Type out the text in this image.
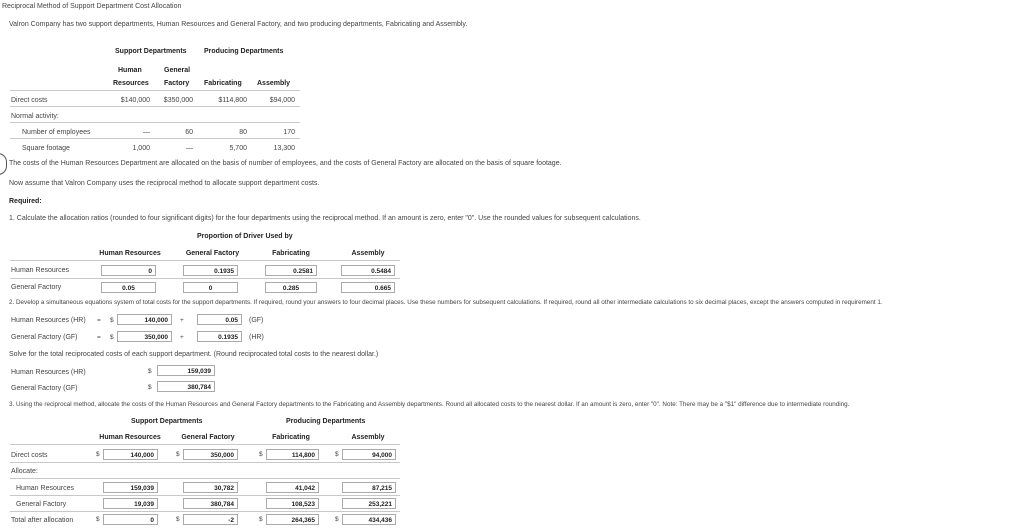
Reciprocal Method of Support Department Cost Allocation
Valron Company has two support departments, Human Resources and General Factory, and two producing departments, Fabricating and Assembly.
Support Departments Producing Departments
Human	General
Resources Factory Fabricating Assembly
Direct costs	$140,000	$350,000	$114,800	$94,000
Normal activity:
Number of employees	—	60	80	170
Square footage	1,000	—	5,700	13,300
The costs of the Human Resources Department are allocated on the basis of number of employees, and the costs of General Factory are allocated on the basis of square footage.
Now assume that Valron Company uses the reciprocal method to allocate support department costs.
Required:
1. Calculate the allocation ratios (rounded to four significant digits) for the four departments using the reciprocal method. If an amount is zero, enter "0". Use the rounded values for subsequent calculations.
Proportion of Driver Used by
Human Resources	General Factory	Fabricating	Assembly
Human Resources	0	0.1935	0.2581	0.5484
General Factory	0.05	0	0.285	0.665
2. Develop a simultaneous equations system of total costs for the support departments. If required, round your answers to four decimal places. Use these numbers for subsequent calculations. If required, round all other intermediate calculations to six decimal places, except the answers computed in requirement 1.
Human Resources (HR) = $	140,000	+	0.05	(GF)
General Factory (GF)	= $	350,000	+	0.1935	(HR)
Solve for the total reciprocated costs of each support department. (Round reciprocated total costs to the nearest dollar.)
Human Resources (HR)	$	159,039
General Factory (GF)	$	380,784
3. Using the reciprocal method, allocate the costs of the Human Resources and General Factory departments to the Fabricating and Assembly departments. Round all allocated costs to the nearest dollar. If an amount is zero, enter "0". Note: There may be a "$1" difference due to intermediate rounding.
Support Departments	Producing Departments
Human Resources	General Factory	Fabricating	Assembly
Direct costs	$	140,000	$	350,000	$	114,800	$	94,000
Allocate:
Human Resources	159,039	30,782	41,042	87,215
General Factory	19,039	380,784	108,523	253,221
Total after allocation	$	0	$	-2	$	264,365	$	434,436
